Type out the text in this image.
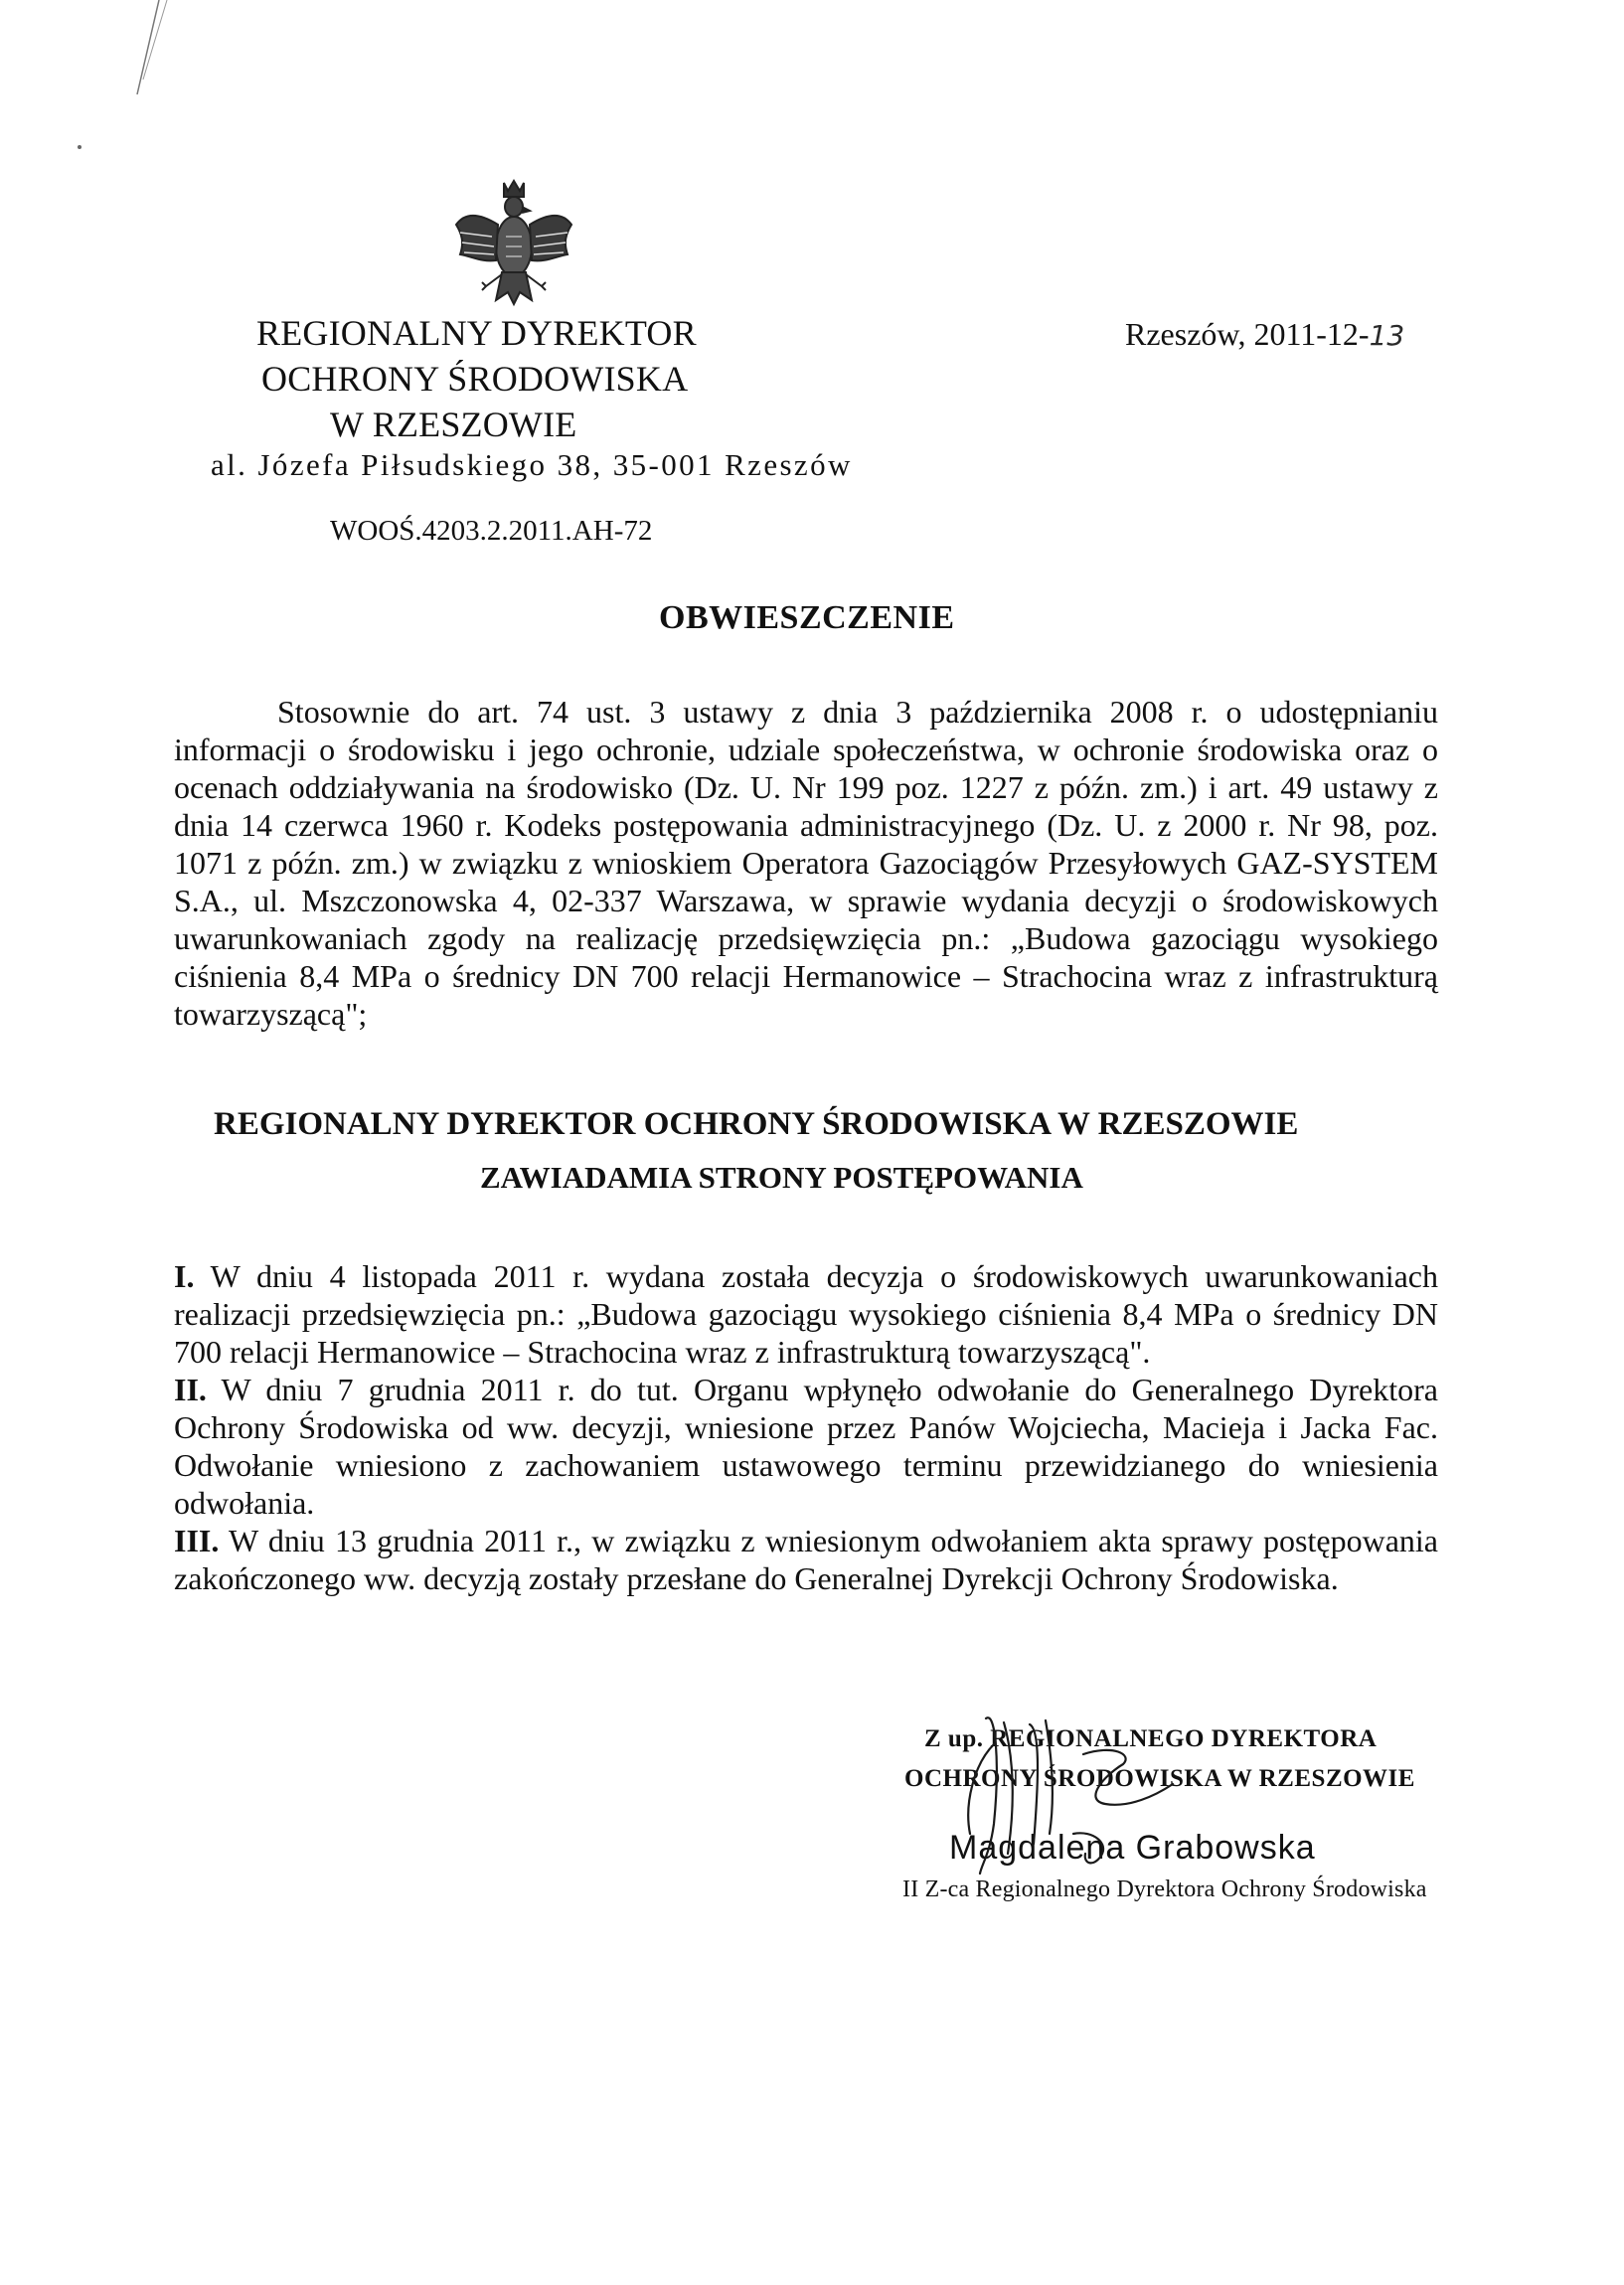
REGIONALNY DYREKTOR
OCHRONY ŚRODOWISKA
W RZESZOWIE
al. Józefa Piłsudskiego 38, 35-001 Rzeszów
WOOŚ.4203.2.2011.AH-72
Rzeszów, 2011-12-13
OBWIESZCZENIE
Stosownie do art. 74 ust. 3 ustawy z dnia 3 października 2008 r. o udostępnianiu informacji o środowisku i jego ochronie, udziale społeczeństwa, w ochronie środowiska oraz o ocenach oddziaływania na środowisko (Dz. U. Nr 199 poz. 1227 z późn. zm.) i art. 49 ustawy z dnia 14 czerwca 1960 r. Kodeks postępowania administracyjnego (Dz. U. z 2000 r. Nr 98, poz. 1071 z późn. zm.) w związku z wnioskiem Operatora Gazociągów Przesyłowych GAZ-SYSTEM S.A., ul. Mszczonowska 4, 02-337 Warszawa, w sprawie wydania decyzji o środowiskowych uwarunkowaniach zgody na realizację przedsięwzięcia pn.: „Budowa gazociągu wysokiego ciśnienia 8,4 MPa o średnicy DN 700 relacji Hermanowice – Strachocina wraz z infrastrukturą towarzyszącą";
REGIONALNY DYREKTOR OCHRONY ŚRODOWISKA W RZESZOWIE
ZAWIADAMIA STRONY POSTĘPOWANIA

I. W dniu 4 listopada 2011 r. wydana została decyzja o środowiskowych uwarunkowaniach realizacji przedsięwzięcia pn.: „Budowa gazociągu wysokiego ciśnienia 8,4 MPa o średnicy DN 700 relacji Hermanowice – Strachocina wraz z infrastrukturą towarzyszącą".

II. W dniu 7 grudnia 2011 r. do tut. Organu wpłynęło odwołanie do Generalnego Dyrektora Ochrony Środowiska od ww. decyzji, wniesione przez Panów Wojciecha, Macieja i Jacka Fac. Odwołanie wniesiono z zachowaniem ustawowego terminu przewidzianego do wniesienia odwołania.

III. W dniu 13 grudnia 2011 r., w związku z wniesionym odwołaniem akta sprawy postępowania zakończonego ww. decyzją zostały przesłane do Generalnej Dyrekcji Ochrony Środowiska.

Z up. REGIONALNEGO DYREKTORA
OCHRONY ŚRODOWISKA W RZESZOWIE
Magdalena Grabowska
II Z-ca Regionalnego Dyrektora Ochrony Środowiska
